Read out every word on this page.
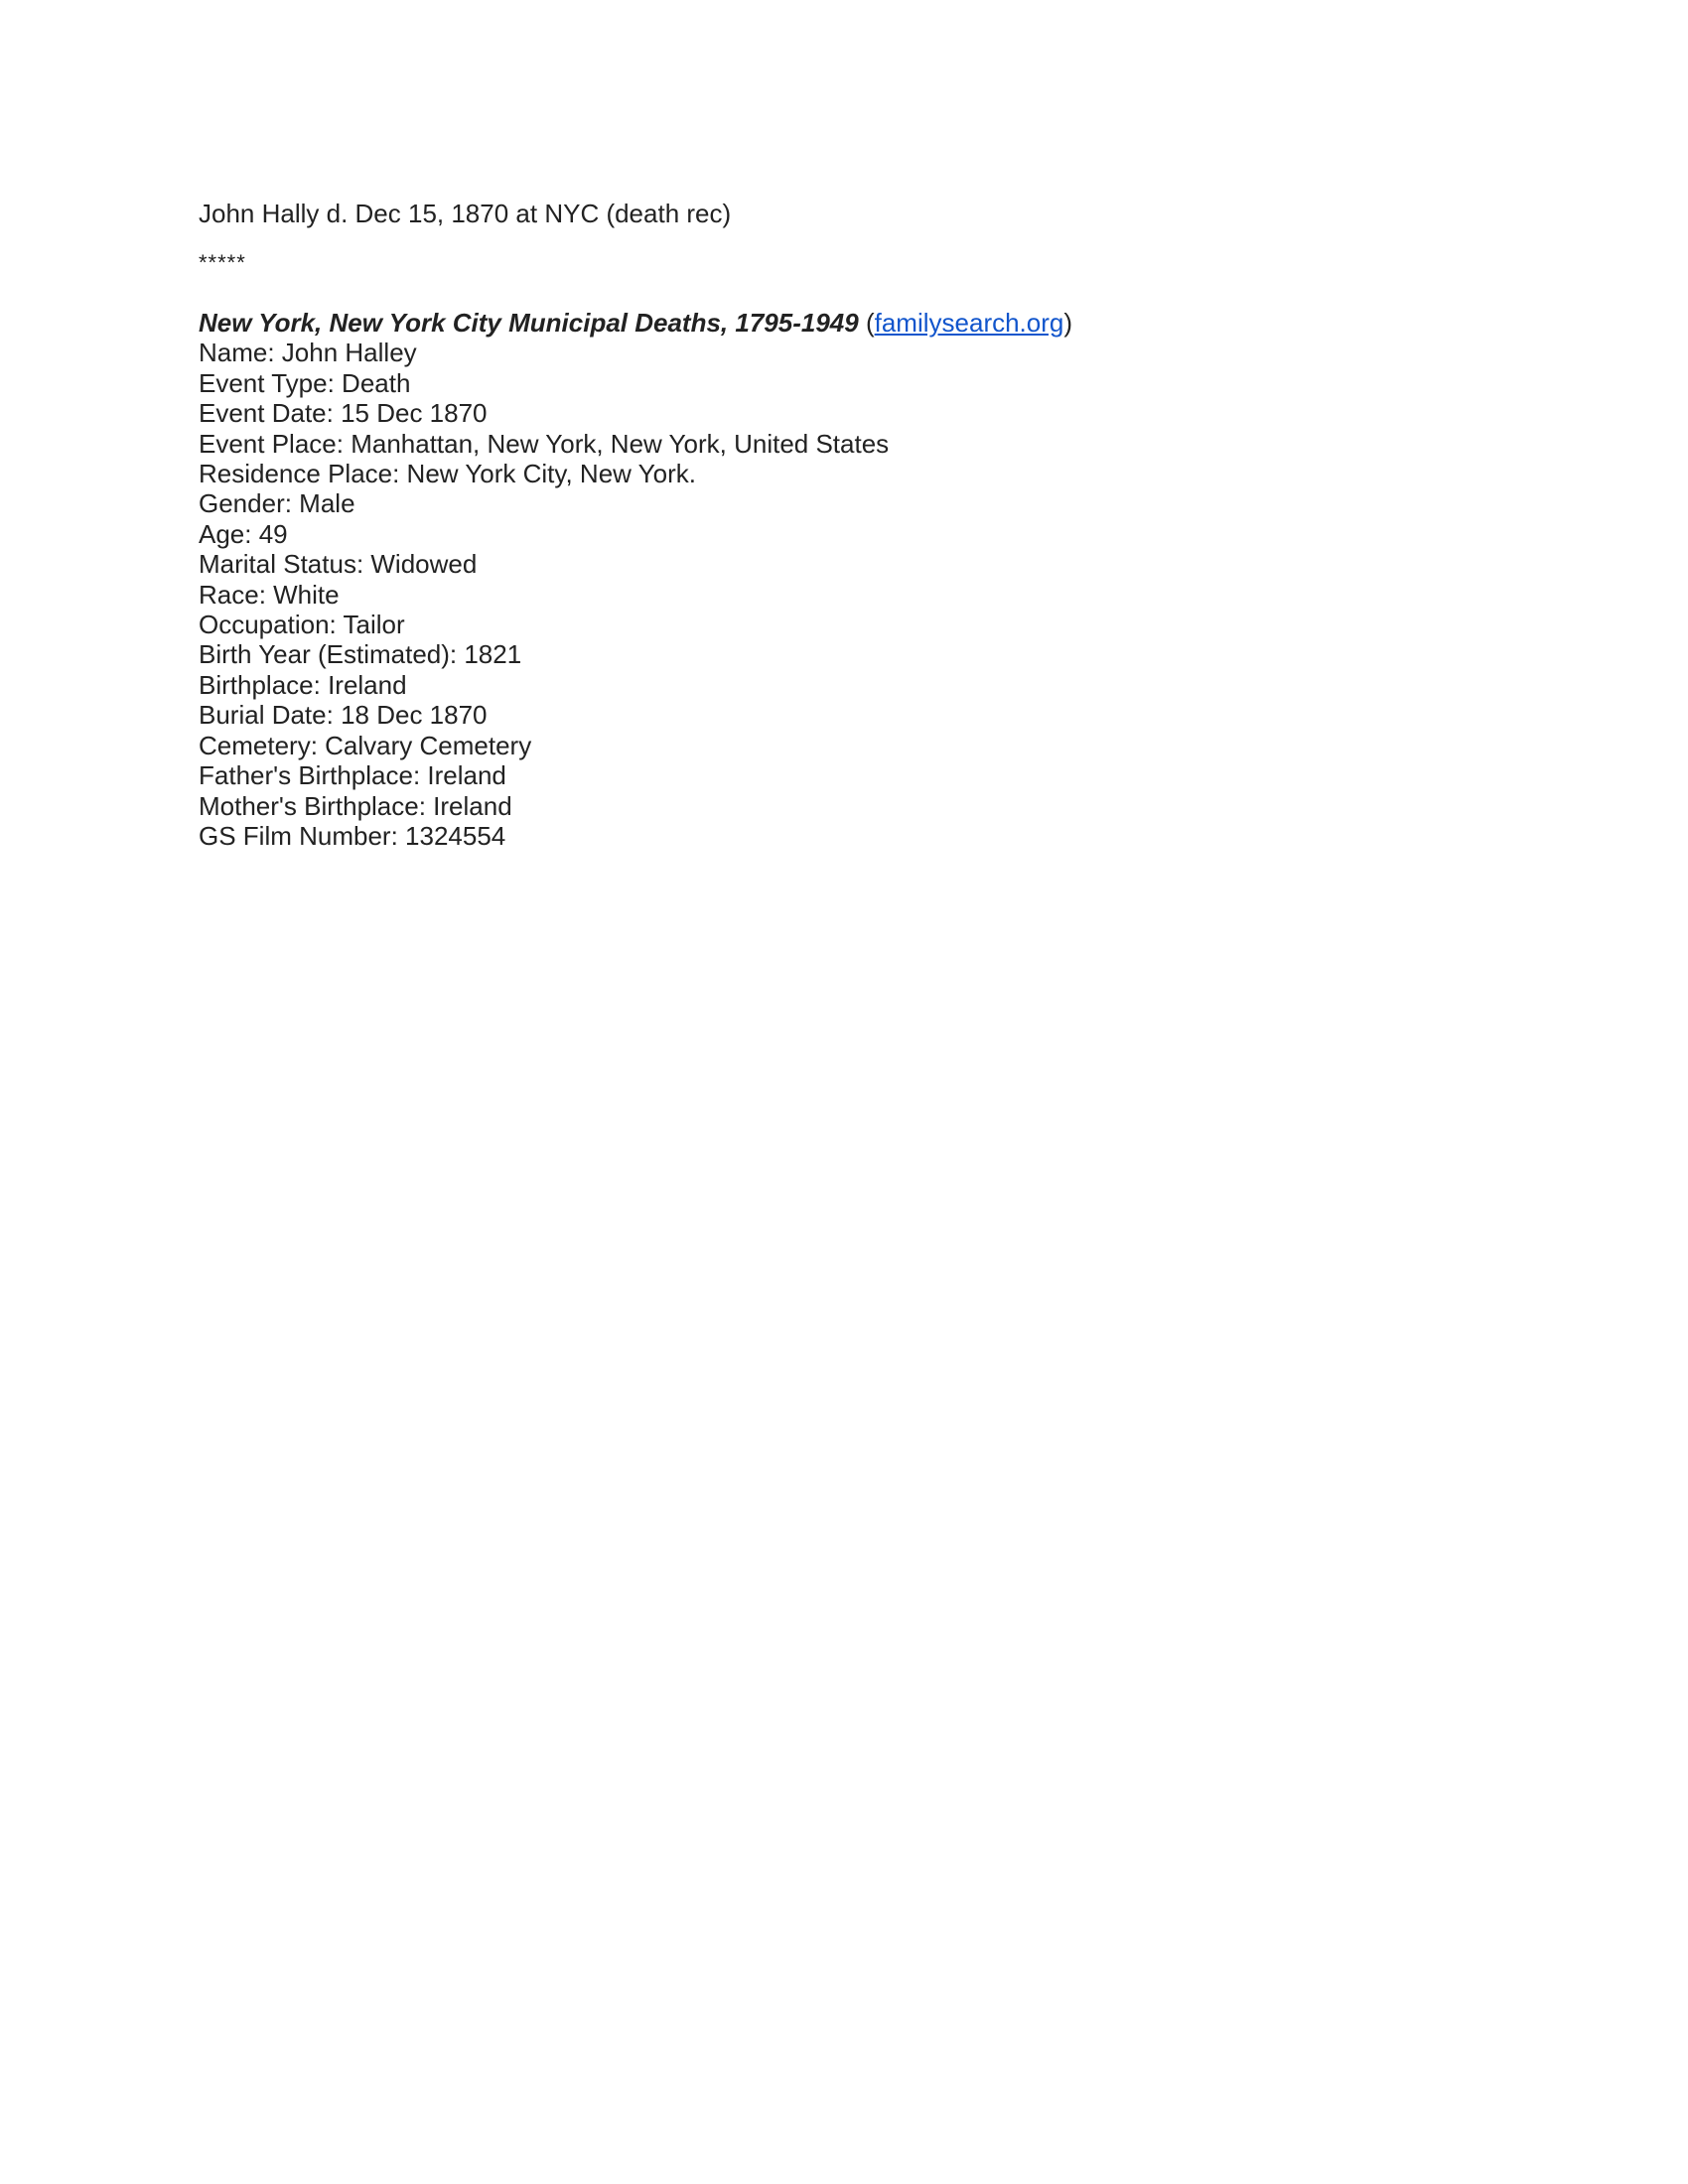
John Hally d. Dec 15, 1870 at NYC (death rec)

*****

New York, New York City Municipal Deaths, 1795-1949 (familysearch.org)

Name: John Halley

Event Type: Death

Event Date: 15 Dec 1870

Event Place: Manhattan, New York, New York, United States

Residence Place: New York City, New York.

Gender: Male

Age: 49

Marital Status: Widowed

Race: White

Occupation: Tailor

Birth Year (Estimated): 1821

Birthplace: Ireland

Burial Date: 18 Dec 1870

Cemetery: Calvary Cemetery

Father's Birthplace: Ireland

Mother's Birthplace: Ireland

GS Film Number: 1324554
